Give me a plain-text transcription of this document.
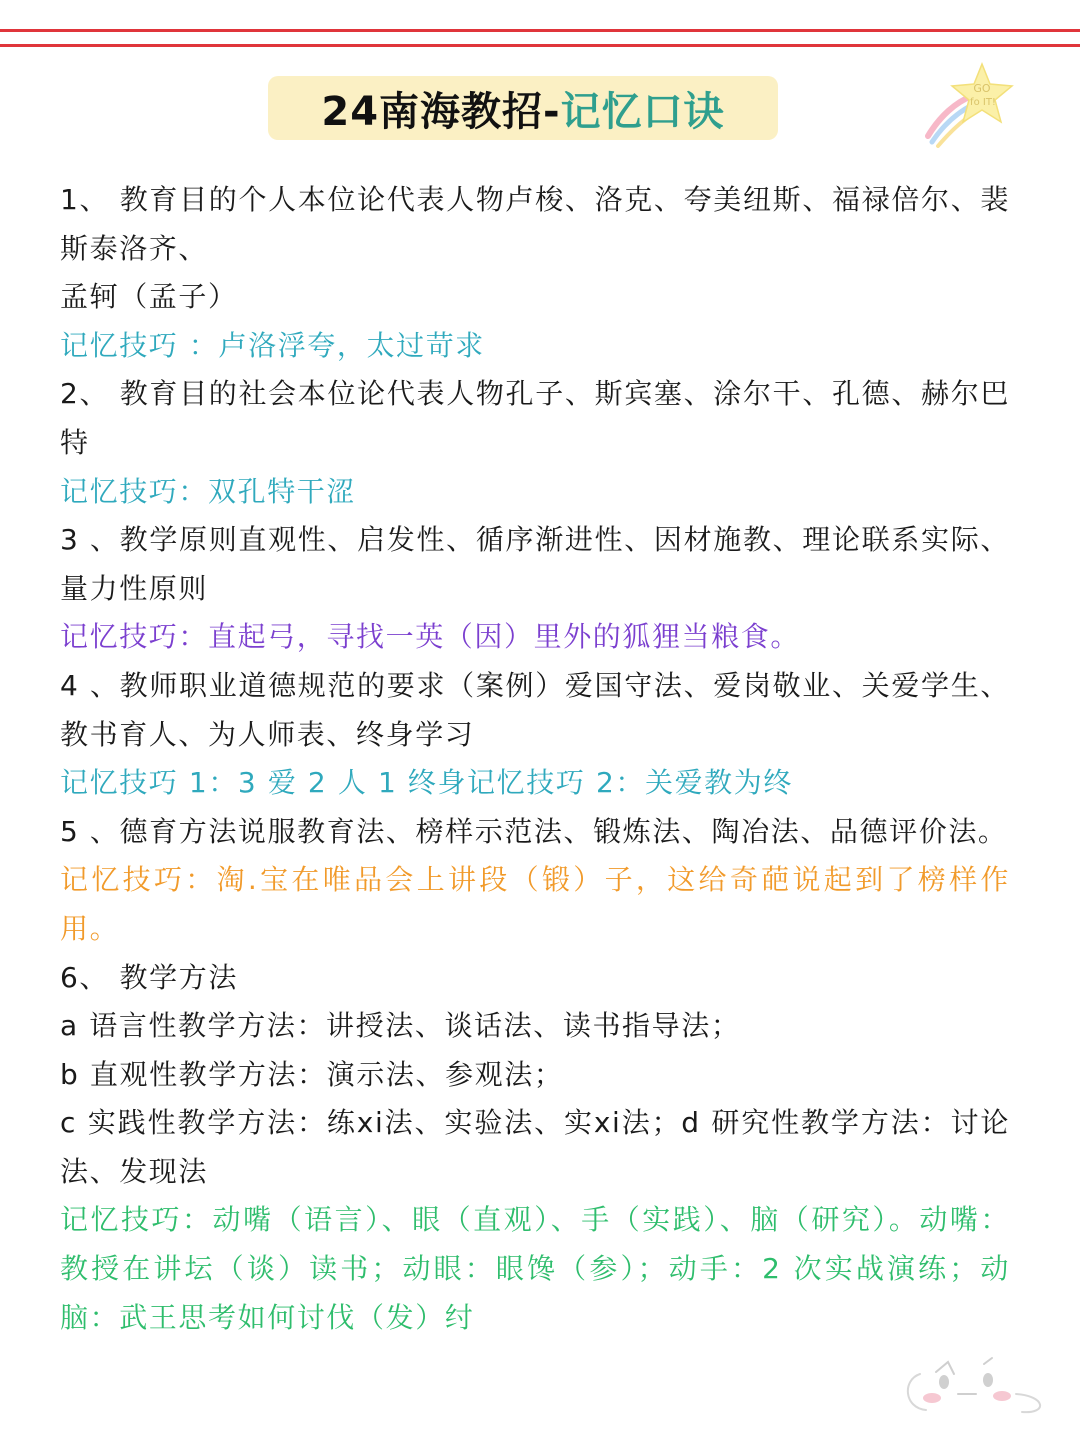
24南海教招- 记忆口诀	GO
fo IT!

1、 教育目的个人本位论代表人物卢梭、洛克、夸美纽斯、福禄倍尔、裴斯泰洛齐、

孟轲（孟子）

记忆技巧 ：卢洛浮夸，太过苛求

2、 教育目的社会本位论代表人物孔子、斯宾塞、涂尔干、孔德、赫尔巴特

记忆技巧：双孔特干涩

3 、教学原则直观性、启发性、循序渐进性、因材施教、理论联系实际、量力性原则

记忆技巧：直起弓，寻找一英（因）里外的狐狸当粮食。

4 、教师职业道德规范的要求（案例）爱国守法、爱岗敬业、关爱学生、教书育人、为人师表、终身学习

记忆技巧 1：3 爱 2 人 1 终身记忆技巧 2：关爱教为终

5 、德育方法说服教育法、榜样示范法、锻炼法、陶冶法、品德评价法。

记忆技巧：淘.宝在唯品会上讲段（锻）子，这给奇葩说起到了榜样作用。

6、 教学方法

a 语言性教学方法：讲授法、谈话法、读书指导法；

b 直观性教学方法：演示法、参观法；

c 实践性教学方法：练xi法、实验法、实xi法；d 研究性教学方法：讨论法、发现法

记忆技巧：动嘴（语言）、眼（直观）、手（实践）、脑（研究）。动嘴：教授在讲坛（谈）读书；动眼：眼馋（参）；动手：2 次实战演练；动脑：武王思考如何讨伐（发）纣
